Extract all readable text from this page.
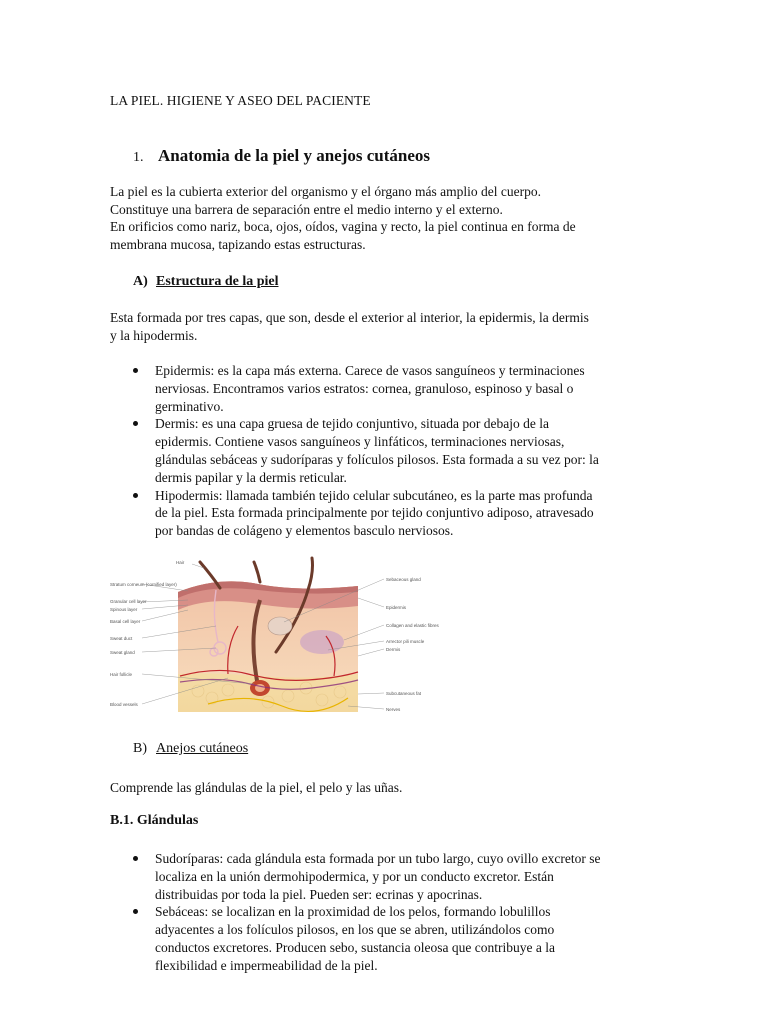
LA PIEL. HIGIENE Y ASEO DEL PACIENTE
1. Anatomia de la piel y anejos cutáneos
La piel es la cubierta exterior del organismo y el órgano más amplio del cuerpo.
Constituye una barrera de separación entre el medio interno y el externo.
En orificios como nariz, boca, ojos, oídos, vagina y recto, la piel continua en forma de
membrana mucosa, tapizando estas estructuras.
A) Estructura de la piel
Esta formada por tres capas, que son, desde el exterior al interior, la epidermis, la dermis
y la hipodermis.
Epidermis: es la capa más externa. Carece de vasos sanguíneos y terminaciones
nerviosas. Encontramos varios estratos: cornea, granuloso, espinoso y basal o
germinativo.
Dermis: es una capa gruesa de tejido conjuntivo, situada por debajo de la
epidermis. Contiene vasos sanguíneos y linfáticos, terminaciones nerviosas,
glándulas sebáceas y sudoríparas y folículos pilosos. Esta formada a su vez por: la
dermis papilar y la dermis reticular.
Hipodermis: llamada también tejido celular subcutáneo, es la parte mas profunda
de la piel. Esta formada principalmente por tejido conjuntivo adiposo, atravesado
por bandas de colágeno y elementos basculo nerviosos.
Hair
Stratum corneum (cornified layer)
Granular cell layer
Spinous layer
Basal cell layer
Sweat duct
Sweat gland
Hair follicle
Blood vessels
Sebaceous gland
Epidermis
Collagen and elastic fibres
Arrector pili muscle
Dermis
Subcutaneous fat
Nerves
B) Anejos cutáneos
Comprende las glándulas de la piel, el pelo y las uñas.
B.1. Glándulas
Sudoríparas: cada glándula esta formada por un tubo largo, cuyo ovillo excretor se
localiza en la unión dermohipodermica, y por un conducto excretor. Están
distribuidas por toda la piel. Pueden ser: ecrinas y apocrinas.
Sebáceas: se localizan en la proximidad de los pelos, formando lobulillos
adyacentes a los folículos pilosos, en los que se abren, utilizándolos como
conductos excretores. Producen sebo, sustancia oleosa que contribuye a la
flexibilidad e impermeabilidad de la piel.
